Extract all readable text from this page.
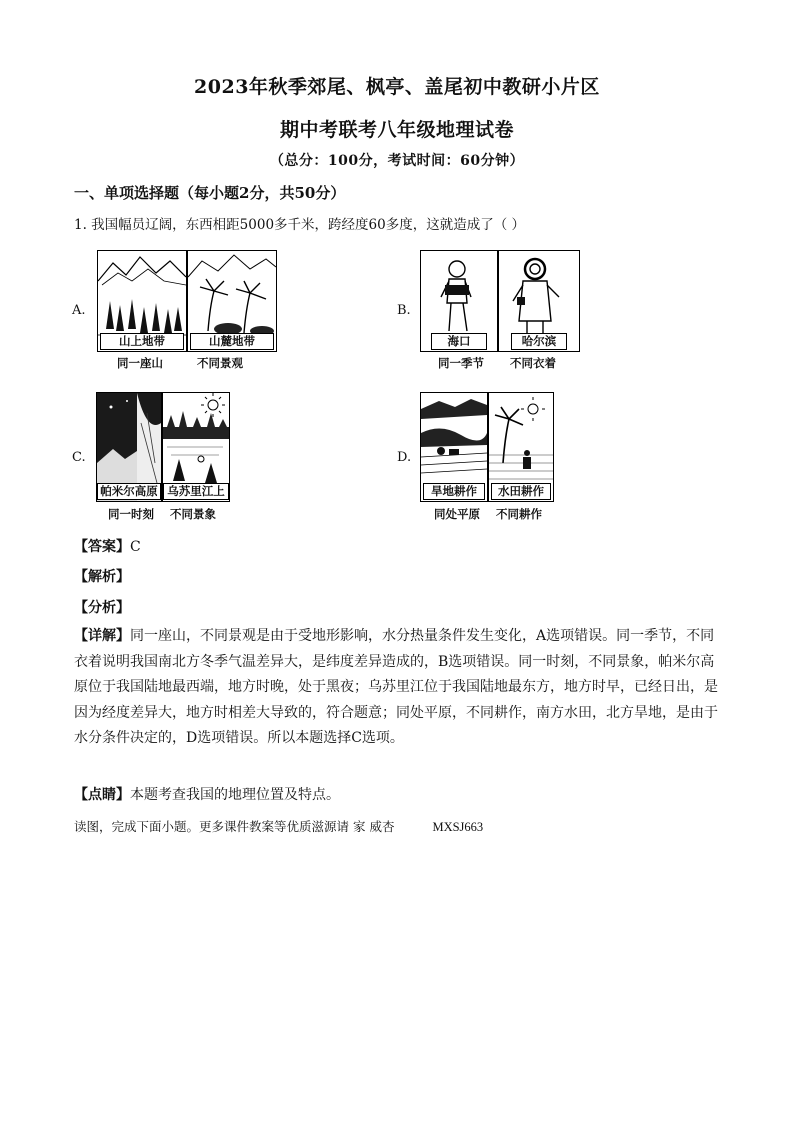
2023年秋季郊尾、枫亭、盖尾初中教研小片区
期中考联考八年级地理试卷
（总分：100分，考试时间：60分钟）
一、单项选择题（每小题2分，共50分）
1. 我国幅员辽阔，东西相距5000多千米，跨经度60多度，这就造成了（ ）
A.
山上地带	山麓地带
同一座山	不同景观
B.
海口	哈尔滨
同一季节 不同衣着
C.
帕米尔高原 乌苏里江上
同一时刻 不同景象
D.
旱地耕作	水田耕作
同处平原 不同耕作
【答案】C
【解析】
【分析】
【详解】同一座山，不同景观是由于受地形影响，水分热量条件发生变化，A选项错误。同一季节，不同衣着说明我国南北方冬季气温差异大，是纬度差异造成的，B选项错误。同一时刻，不同景象，帕米尔高原位于我国陆地最西端，地方时晚，处于黑夜；乌苏里江位于我国陆地最东方，地方时早，已经日出，是因为经度差异大，地方时相差大导致的，符合题意；同处平原，不同耕作，南方水田，北方旱地，是由于水分条件决定的，D选项错误。所以本题选择C选项。
【点睛】本题考查我国的地理位置及特点。
读图，完成下面小题。更多课件教案等优质滋源请 家 威杏	MXSJ663
